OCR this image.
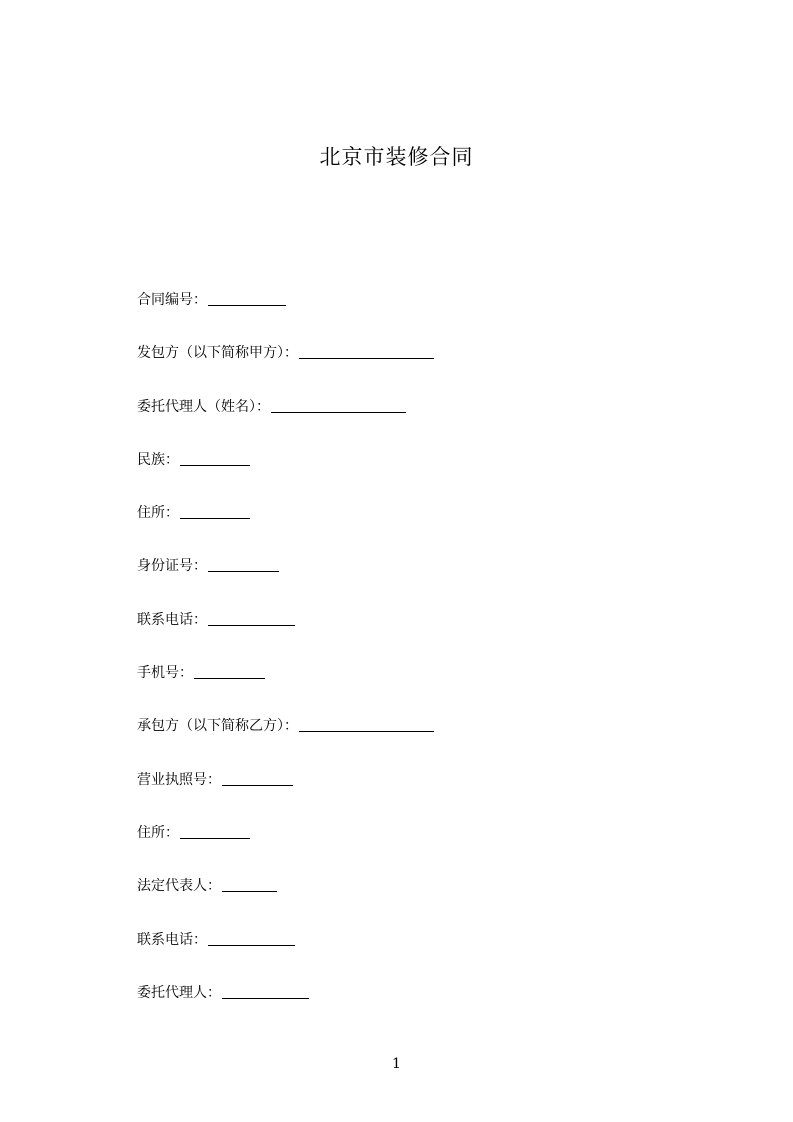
北京市装修合同
合同编号：
发包方（以下简称甲方）：
委托代理人（姓名）：
民族：
住所：
身份证号：
联系电话：
手机号：
承包方（以下简称乙方）：
营业执照号：
住所：
法定代表人：
联系电话：
委托代理人：
1
